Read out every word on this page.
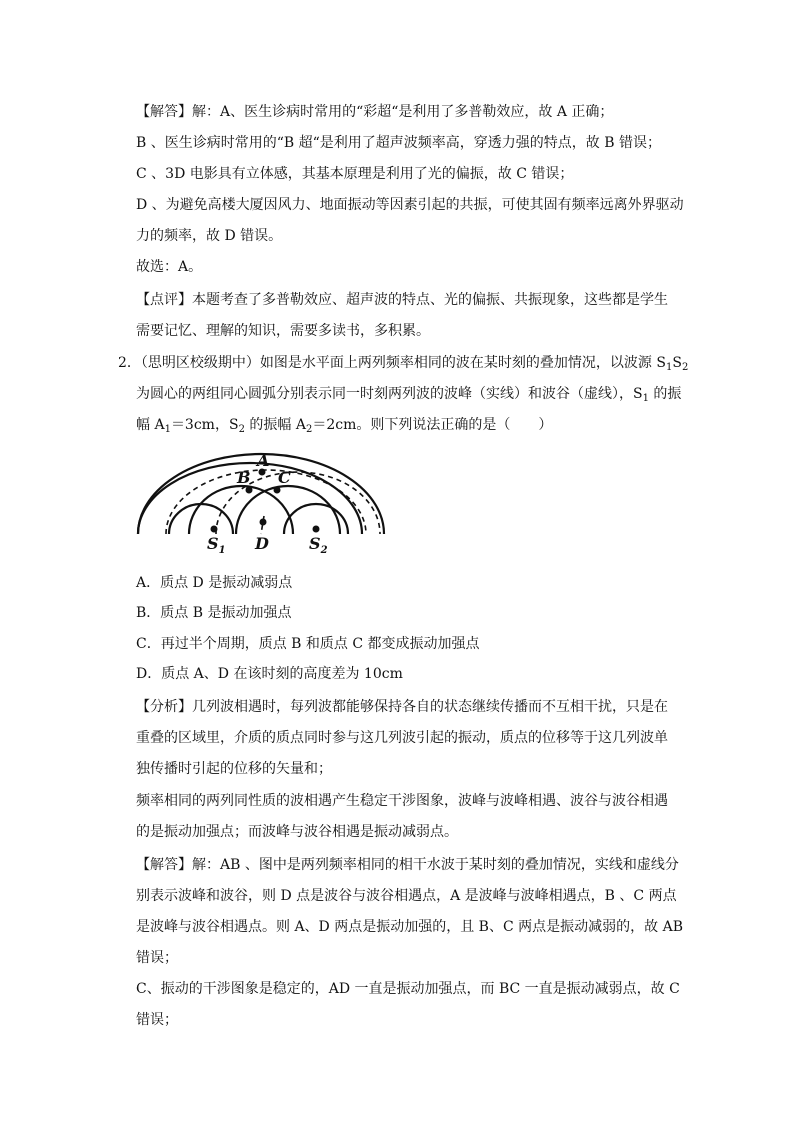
【解答】解：A、医生诊病时常用的“彩超“是利用了多普勒效应，故 A 正确；
B 、医生诊病时常用的“B 超“是利用了超声波频率高，穿透力强的特点，故 B 错误；
C 、3D 电影具有立体感，其基本原理是利用了光的偏振，故 C 错误；
D 、为避免高楼大厦因风力、地面振动等因素引起的共振，可使其固有频率远离外界驱动
力的频率，故 D 错误。
故选：A。
【点评】本题考查了多普勒效应、超声波的特点、光的偏振、共振现象，这些都是学生
需要记忆、理解的知识，需要多读书，多积累。
2．（思明区校级期中）如图是水平面上两列频率相同的波在某时刻的叠加情况，以波源 $S_1S_2$
为圆心的两组同心圆弧分别表示同一时刻两列波的波峰（实线）和波谷（虚线），$S_1$ 的振
幅 $A_1=3cm$，$S_2$ 的振幅 $A_2=2cm$。则下列说法正确的是（　　）
A
B C
D
$S_1$	$S_2$
A．质点 D 是振动减弱点
B．质点 B 是振动加强点
C．再过半个周期，质点 B 和质点 C 都变成振动加强点
D．质点 A、D 在该时刻的高度差为 10cm
【分析】几列波相遇时，每列波都能够保持各自的状态继续传播而不互相干扰，只是在
重叠的区域里，介质的质点同时参与这几列波引起的振动，质点的位移等于这几列波单
独传播时引起的位移的矢量和；
频率相同的两列同性质的波相遇产生稳定干涉图象，波峰与波峰相遇、波谷与波谷相遇
的是振动加强点；而波峰与波谷相遇是振动减弱点。
【解答】解：AB 、图中是两列频率相同的相干水波于某时刻的叠加情况，实线和虚线分
别表示波峰和波谷，则 D 点是波谷与波谷相遇点，A 是波峰与波峰相遇点，B 、C 两点
是波峰与波谷相遇点。则 A、D 两点是振动加强的，且 B、C 两点是振动减弱的，故 AB
错误；
C、振动的干涉图象是稳定的，AD 一直是振动加强点，而 BC 一直是振动减弱点，故 C
错误；
